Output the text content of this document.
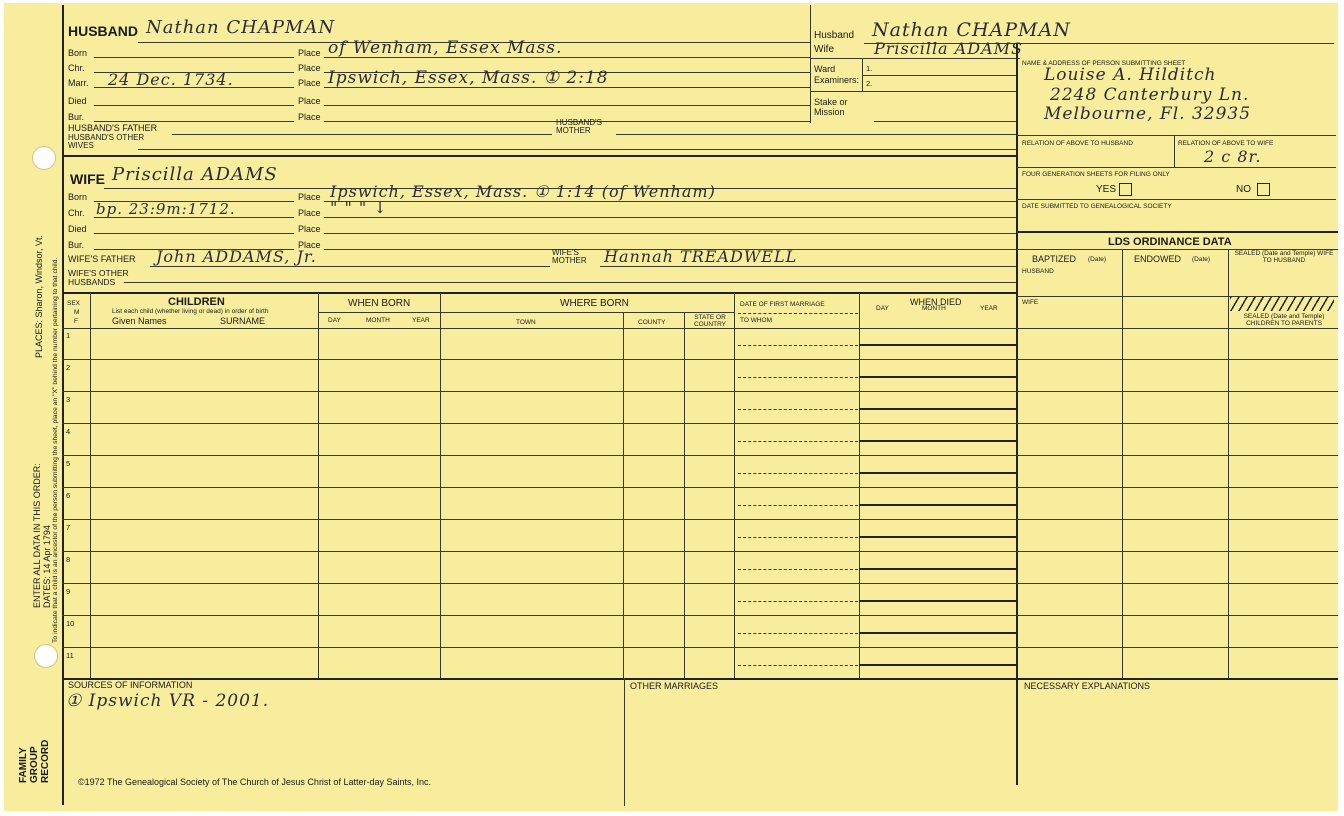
PLACES: Sharon, Windsor, Vt. To indicate that a child is an ancestor of the person submitting the sheet, place an "X" behind the number pertaining to that child.
ENTER ALL DATA IN THIS ORDER: DATES: 14 Apr 1794
FAMILY GROUP RECORD
HUSBAND Nathan CHAPMAN
Born	Place of Wenham, Essex Mass.
Chr.	Place
Marr. 24 Dec. 1734.	Place Ipswich, Essex, Mass. ① 2:18
Died	Place
Bur.	Place
HUSBAND'S FATHER
HUSBAND'S MOTHER
HUSBAND'S OTHER WIVES
WIFE Priscilla ADAMS
Born	Place Ipswich, Essex, Mass. ① 1:14 (of Wenham)
Chr. bp. 23:9m:1712.	Place " " " ↓
Died	Place
Bur.	Place
WIFE'S FATHER John ADDAMS, Jr.	WIFE'S MOTHER	Hannah TREADWELL
WIFE'S OTHER HUSBANDS
Husband Nathan CHAPMAN
Wife	Priscilla ADAMS
Ward
Examiners:
1.
2.
Stake or Mission
NAME & ADDRESS OF PERSON SUBMITTING SHEET
Louise A. Hilditch
2248 Canterbury Ln.
Melbourne, Fl. 32935
RELATION OF ABOVE TO HUSBAND	RELATION OF ABOVE TO WIFE
2 c 8r.
FOUR GENERATION SHEETS FOR FILING ONLY
YES	NO
DATE SUBMITTED TO GENEALOGICAL SOCIETY
LDS ORDINANCE DATA
BAPTIZED (Date)	ENDOWED (Date)
SEALED (Date and Temple) WIFE TO HUSBAND
HUSBAND
WIFE
SEALED (Date and Temple) CHILDREN TO PARENTS
SEX
M
F
CHILDREN
List each child (whether living or dead) in order of birth
Given Names	SURNAME
WHEN BORN
DAY	MONTH	YEAR
WHERE BORN
TOWN	COUNTY
STATE OR COUNTRY
DATE OF FIRST MARRIAGE
TO WHOM
WHEN DIED
DAY	MONTH	YEAR
1
2
3
4
5
6
7
8
9
10
11
SOURCES OF INFORMATION
① Ipswich VR - 2001.
OTHER MARRIAGES	NECESSARY EXPLANATIONS
©1972 The Genealogical Society of The Church of Jesus Christ of Latter-day Saints, Inc.
